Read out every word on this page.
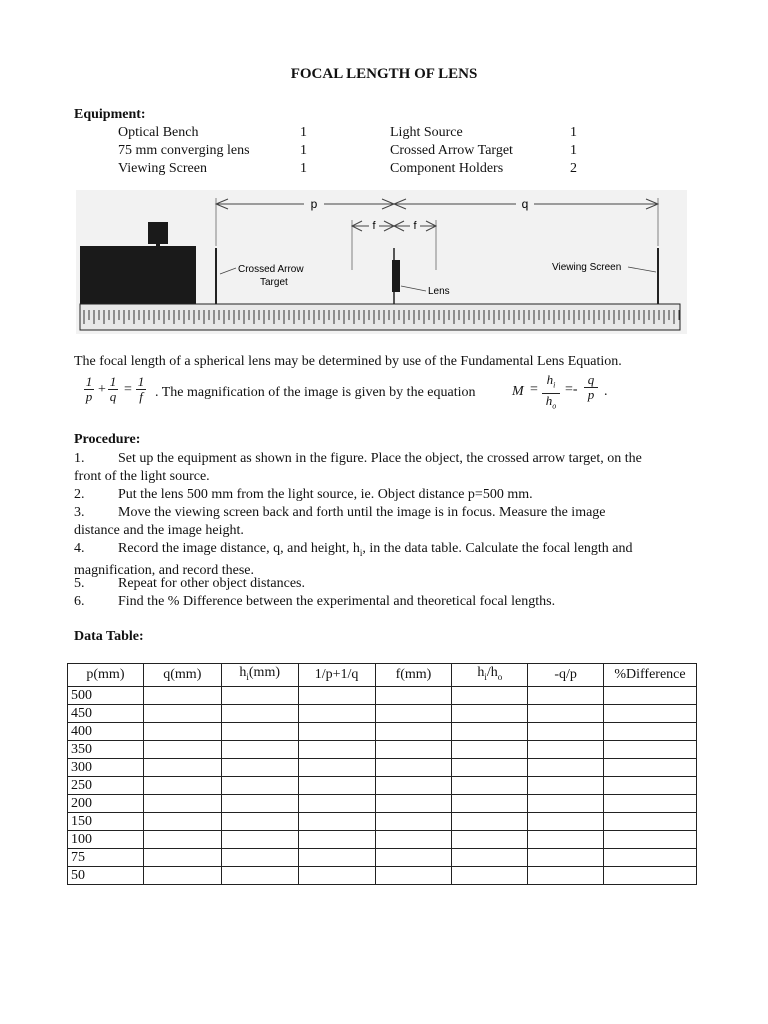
FOCAL LENGTH OF LENS
Equipment:
Optical Bench	1
75 mm converging lens	1
Viewing Screen	1
Light Source	1
Crossed Arrow Target	1
Component Holders	2
p	q
f	f
Crossed Arrow
Target
Lens
Viewing Screen
The focal length of a spherical lens may be determined by use of the Fundamental Lens Equation.
$\frac{1}{p} + \frac{1}{q} = \frac{1}{f}$ . The magnification of the image is given by the equation	$M = \frac{h_i}{h_o} =- \frac{q}{p}$ .
Procedure:
1. Set up the equipment as shown in the figure. Place the object, the crossed arrow target, on the
front of the light source.
2. Put the lens 500 mm from the light source, ie. Object distance p=500 mm.
3. Move the viewing screen back and forth until the image is in focus. Measure the image
distance and the image height.
4. Record the image distance, q, and height, $h_i$, in the data table. Calculate the focal length and
magnification, and record these.
5. Repeat for other object distances.
6. Find the % Difference between the experimental and theoretical focal lengths.
Data Table:
p(mm)	q(mm)	$h_i(mm)$	1/p+1/q	f(mm)	$h_i/h_o$	-q/p	%Difference
500							
450							
400							
350							
300							
250							
200							
150							
100							
75							
50							
